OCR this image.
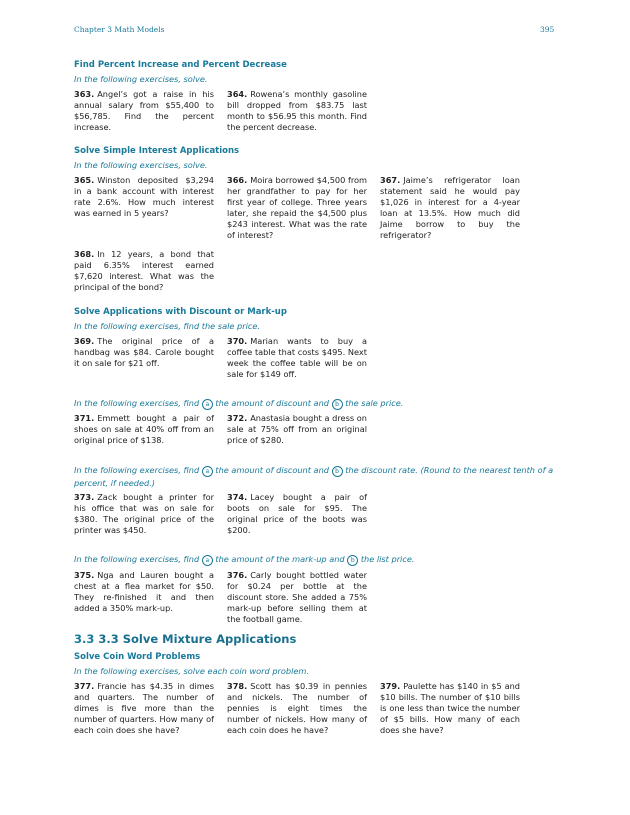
Chapter 3 Math Models	395
Find Percent Increase and Percent Decrease
In the following exercises, solve.
363. Angel’s got a raise in his annual salary from $55,400 to $56,785. Find the percent increase.
364. Rowena’s monthly gasoline bill dropped from $83.75 last month to $56.95 this month. Find the percent decrease.
Solve Simple Interest Applications
In the following exercises, solve.
365. Winston deposited $3,294 in a bank account with interest rate 2.6%. How much interest was earned in 5 years?
366. Moira borrowed $4,500 from her grandfather to pay for her first year of college. Three years later, she repaid the $4,500 plus $243 interest. What was the rate of interest?
367. Jaime’s refrigerator loan statement said he would pay $1,026 in interest for a 4-year loan at 13.5%. How much did Jaime borrow to buy the refrigerator?
368. In 12 years, a bond that paid 6.35% interest earned $7,620 interest. What was the principal of the bond?
Solve Applications with Discount or Mark-up
In the following exercises, find the sale price.
369. The original price of a handbag was $84. Carole bought it on sale for $21 off.
370. Marian wants to buy a coffee table that costs $495. Next week the coffee table will be on sale for $149 off.
In the following exercises, find a the amount of discount and b the sale price.
371. Emmett bought a pair of shoes on sale at 40% off from an original price of $138.
372. Anastasia bought a dress on sale at 75% off from an original price of $280.
In the following exercises, find a the amount of discount and b the discount rate. (Round to the nearest tenth of a percent, if needed.)
373. Zack bought a printer for his office that was on sale for $380. The original price of the printer was $450.
374. Lacey bought a pair of boots on sale for $95. The original price of the boots was $200.
In the following exercises, find a the amount of the mark-up and b the list price.
375. Nga and Lauren bought a chest at a flea market for $50. They re-finished it and then added a 350% mark-up.
376. Carly bought bottled water for $0.24 per bottle at the discount store. She added a 75% mark-up before selling them at the football game.
3.3 3.3 Solve Mixture Applications
Solve Coin Word Problems
In the following exercises, solve each coin word problem.
377. Francie has $4.35 in dimes and quarters. The number of dimes is five more than the number of quarters. How many of each coin does she have?
378. Scott has $0.39 in pennies and nickels. The number of pennies is eight times the number of nickels. How many of each coin does he have?
379. Paulette has $140 in $5 and $10 bills. The number of $10 bills is one less than twice the number of $5 bills. How many of each does she have?
